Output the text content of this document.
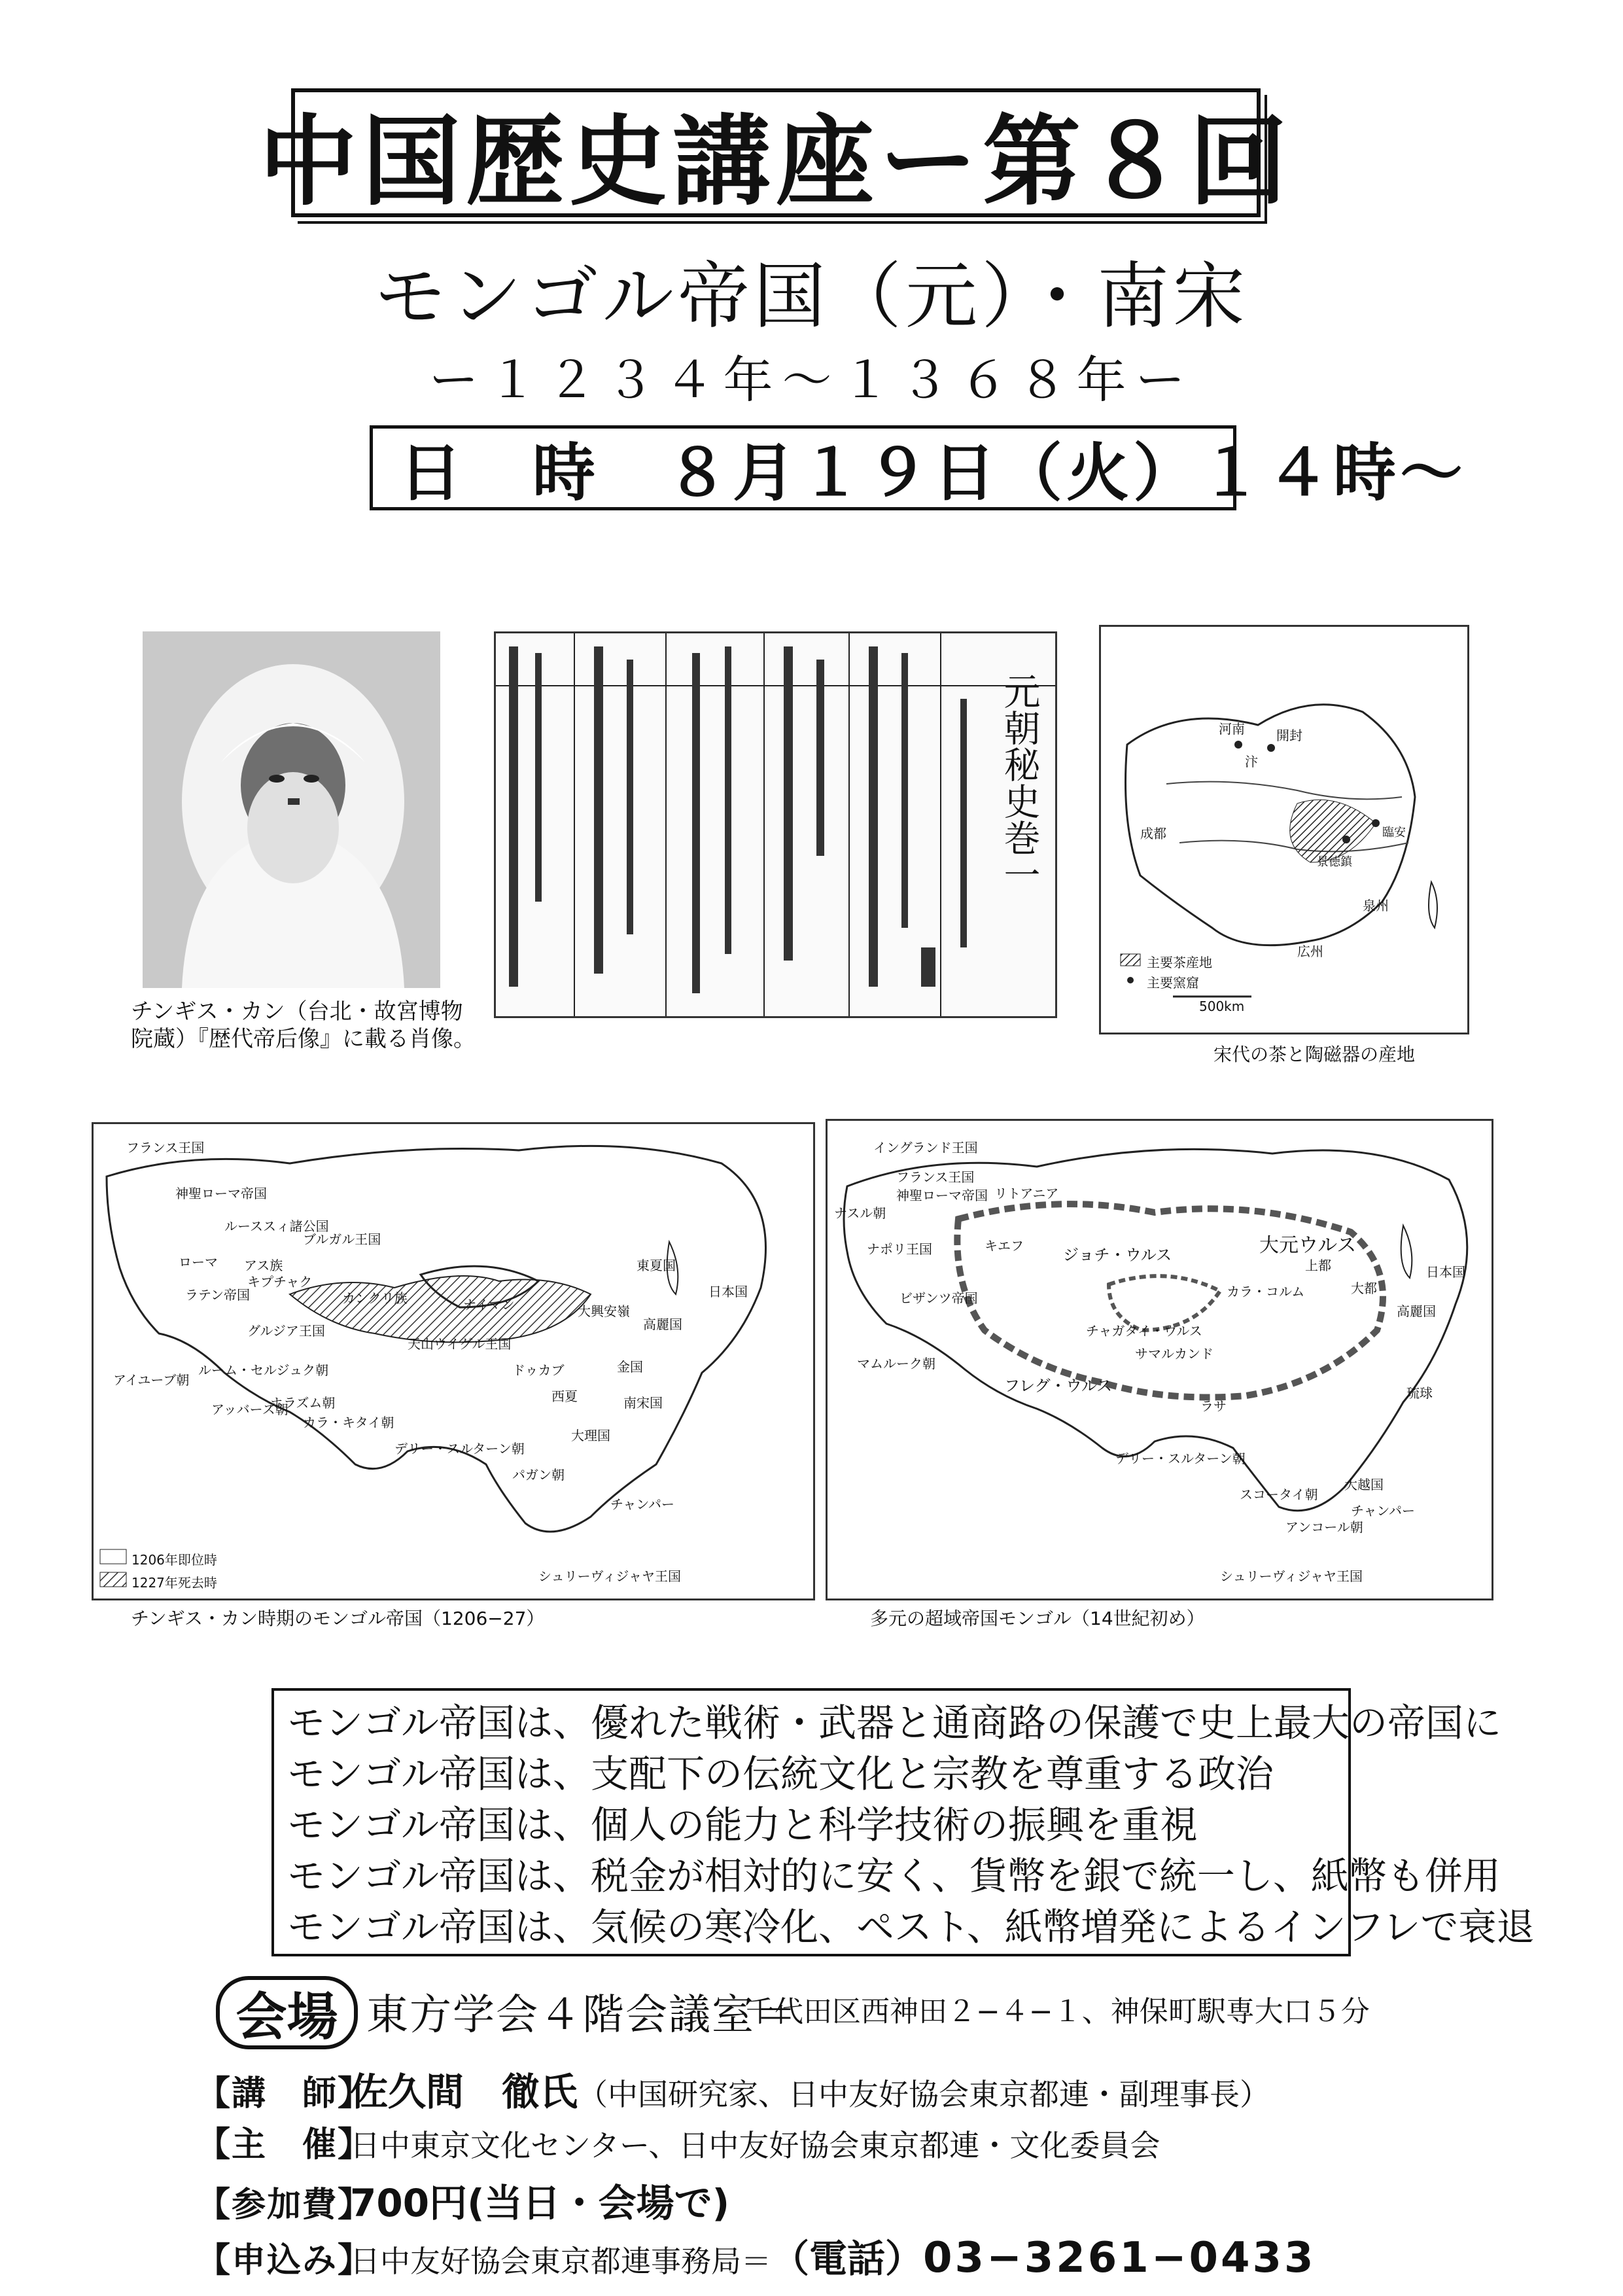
中国歴史講座ー第８回
モンゴル帝国（元）・南宋
ー１２３４年～１３６８年ー
日　時　８月１９日（火）１４時～
チンギス・カン（台北・故宮博物
院蔵）『歴代帝后像』に載る肖像。
元朝秘史巻一	汴
開封
河南
成都
景徳鎮
臨安
広州
泉州
主要茶産地
主要窯窟
500km
宋代の茶と陶磁器の産地
フランス王国
神聖ローマ帝国
ルーススィ諸公国
ブルガル王国
キプチャク
アス族
ローマ
ラテン帝国
ルーム・セルジュク朝
グルジア王国
カンクリ族	ナイマン
アイユーブ朝
アッバース朝
ホラズム朝
カラ・キタイ朝
天山ウイグル王国
西夏
金国
東夏国
日本国
高麗国
南宋国
大理国
デリー・スルターン朝
パガン朝
チャンパー
シュリーヴィジャヤ王国
ドゥカブ
大興安嶺
1206年即位時
1227年死去時
チンギス・カン時期のモンゴル帝国（1206−27）
イングランド王国
フランス王国
神聖ローマ帝国
ナスル朝
ナポリ王国
ビザンツ帝国
リトアニア
キエフ	ジョチ・ウルス	大元ウルス
上都
大都
カラ・コルム
高麗国
日本国
チャガタイ・ウルス
サマルカンド
マムルーク朝
フレグ・ウルス
ラサ
デリー・スルターン朝
チャンパー
スコータイ朝
アンコール朝
シュリーヴィジャヤ王国
大越国
琉球
多元の超域帝国モンゴル（14世紀初め）
モンゴル帝国は、優れた戦術・武器と通商路の保護で史上最大の帝国に
モンゴル帝国は、支配下の伝統文化と宗教を尊重する政治
モンゴル帝国は、個人の能力と科学技術の振興を重視
モンゴル帝国は、税金が相対的に安く、貨幣を銀で統一し、紙幣も併用
モンゴル帝国は、気候の寒冷化、ペスト、紙幣増発によるインフレで衰退
会場 東方学会４階会議室＝
千代田区西神田２−４−１、神保町駅専大口５分
【講　師】
佐久間　徹氏 （中国研究家、日中友好協会東京都連・副理事長）
【主　催】
日中東京文化センター、日中友好協会東京都連・文化委員会
【参加費】
700円(当日・会場で)
【申込み】
日中友好協会東京都連事務局＝ （電話） 03−3261−0433
